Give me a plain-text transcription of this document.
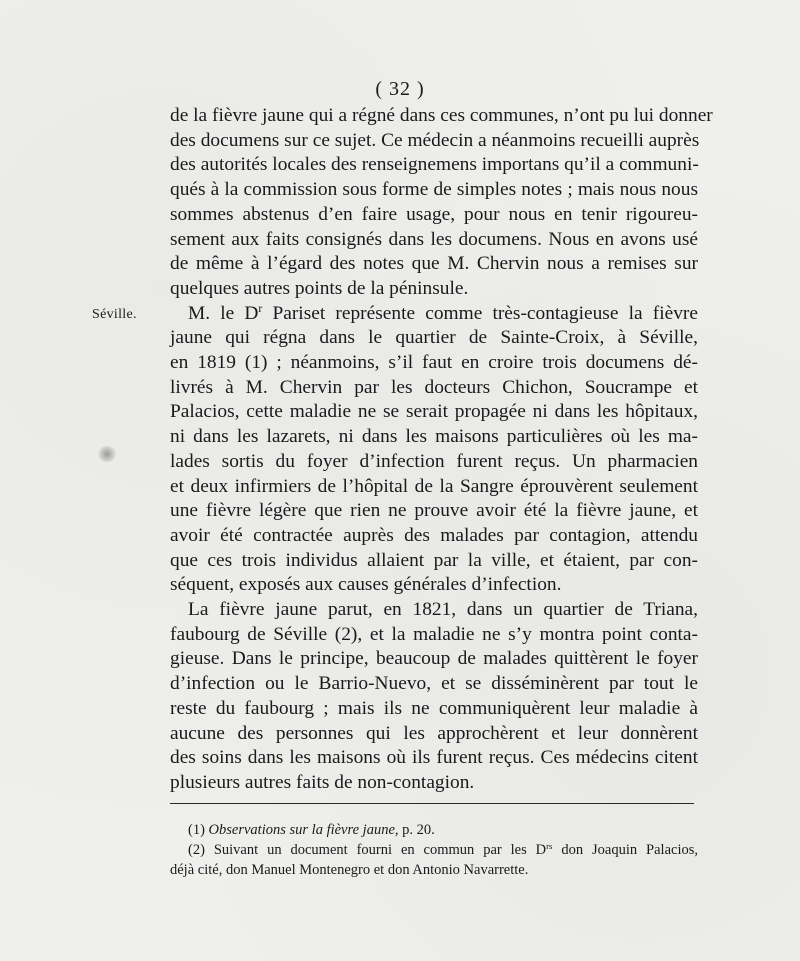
( 32 )
Séville.
de la fièvre jaune qui a régné dans ces communes, n’ont pu lui donner
des documens sur ce sujet. Ce médecin a néanmoins recueilli auprès
des autorités locales des renseignemens importans qu’il a communi-
qués à la commission sous forme de simples notes ; mais nous nous
sommes abstenus d’en faire usage, pour nous en tenir rigoureu-
sement aux faits consignés dans les documens. Nous en avons usé
de même à l’égard des notes que M. Chervin nous a remises sur
quelques autres points de la péninsule.
M. le $D^r$ Pariset représente comme très-contagieuse la fièvre
jaune qui régna dans le quartier de Sainte-Croix, à Séville,
en 1819 (1) ; néanmoins, s’il faut en croire trois documens dé-
livrés à M. Chervin par les docteurs Chichon, Soucrampe et
Palacios, cette maladie ne se serait propagée ni dans les hôpitaux,
ni dans les lazarets, ni dans les maisons particulières où les ma-
lades sortis du foyer d’infection furent reçus. Un pharmacien
et deux infirmiers de l’hôpital de la Sangre éprouvèrent seulement
une fièvre légère que rien ne prouve avoir été la fièvre jaune, et
avoir été contractée auprès des malades par contagion, attendu
que ces trois individus allaient par la ville, et étaient, par con-
séquent, exposés aux causes générales d’infection.
La fièvre jaune parut, en 1821, dans un quartier de Triana,
faubourg de Séville (2), et la maladie ne s’y montra point conta-
gieuse. Dans le principe, beaucoup de malades quittèrent le foyer
d’infection ou le Barrio-Nuevo, et se disséminèrent par tout le
reste du faubourg ; mais ils ne communiquèrent leur maladie à
aucune des personnes qui les approchèrent et leur donnèrent
des soins dans les maisons où ils furent reçus. Ces médecins citent
plusieurs autres faits de non-contagion.
(1) Observations sur la fièvre jaune, p. 20.
(2) Suivant un document fourni en commun par les $D^{rs}$ don Joaquin Palacios,
déjà cité, don Manuel Montenegro et don Antonio Navarrette.
